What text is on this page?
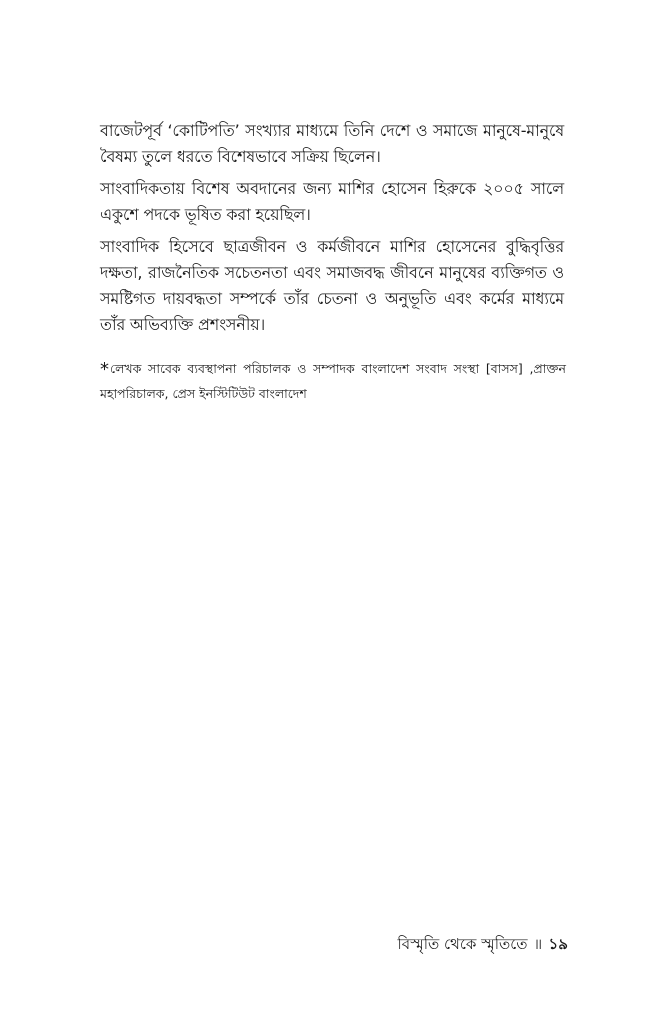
বাজেটপূর্ব ‘কোটিপতি’ সংখ্যার মাধ্যমে তিনি দেশে ও সমাজে মানুষে-মানুষে বৈষম্য তুলে ধরতে বিশেষভাবে সক্রিয় ছিলেন।

সাংবাদিকতায় বিশেষ অবদানের জন্য মাশির হোসেন হিরুকে ২০০৫ সালে একুশে পদকে ভূষিত করা হয়েছিল।

সাংবাদিক হিসেবে ছাত্রজীবন ও কর্মজীবনে মাশির হোসেনের বুদ্ধিবৃত্তির দক্ষতা, রাজনৈতিক সচেতনতা এবং সমাজবদ্ধ জীবনে মানুষের ব্যক্তিগত ও সমষ্টিগত দায়বদ্ধতা সম্পর্কে তাঁর চেতনা ও অনুভূতি এবং কর্মের মাধ্যমে তাঁর অভিব্যক্তি প্রশংসনীয়।

*লেখক সাবেক ব্যবস্থাপনা পরিচালক ও সম্পাদক বাংলাদেশ সংবাদ সংস্থা [বাসস] ,প্রাক্তন মহাপরিচালক, প্রেস ইনস্টিটিউট বাংলাদেশ
বিস্মৃতি থেকে স্মৃতিতে ॥ ১৯
